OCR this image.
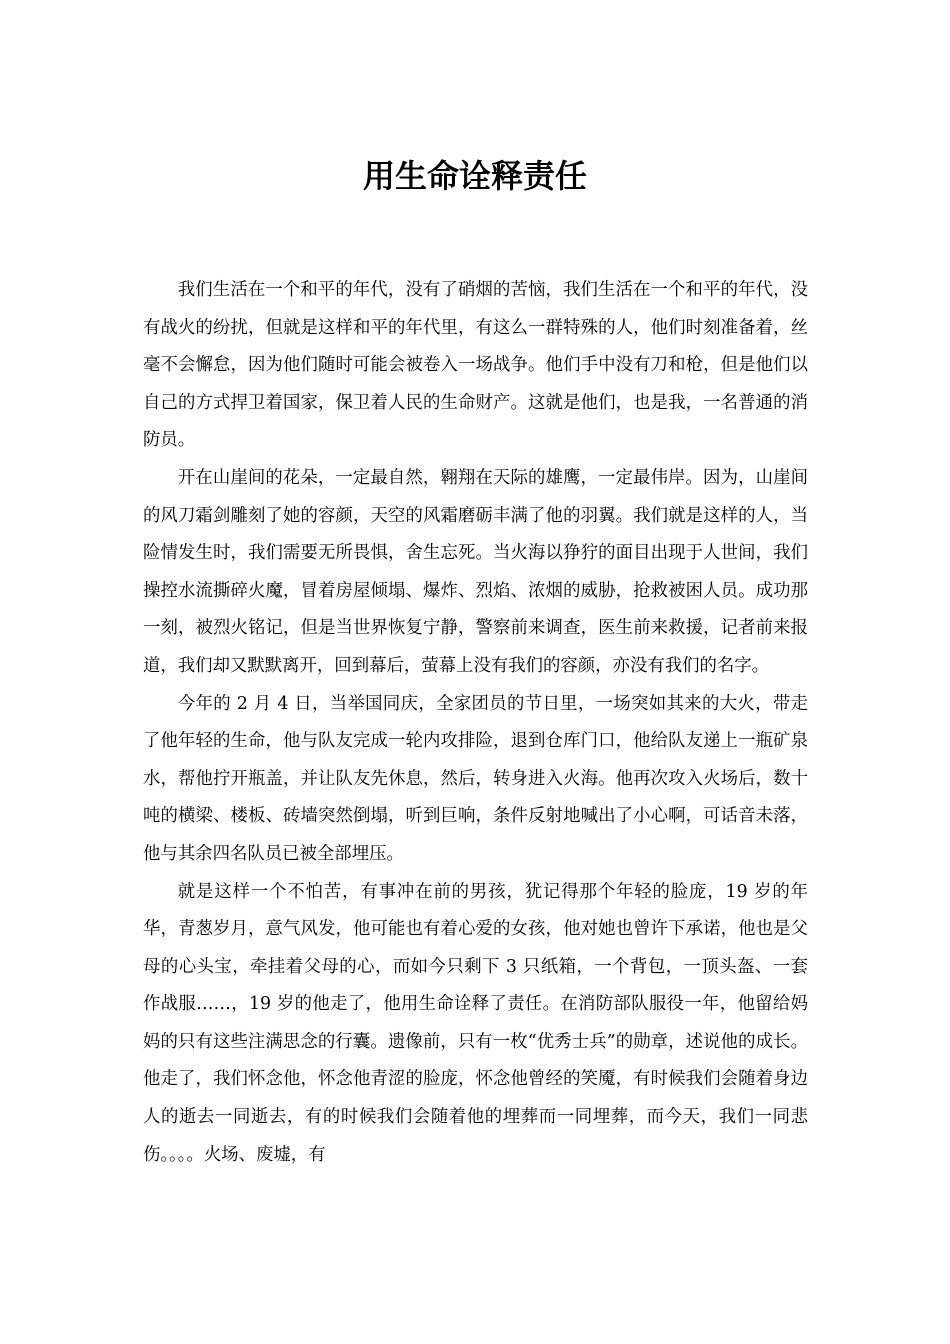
用生命诠释责任

我们生活在一个和平的年代，没有了硝烟的苦恼，我们生活在一个和平的年代，没有战火的纷扰，但就是这样和平的年代里，有这么一群特殊的人，他们时刻准备着，丝毫不会懈怠，因为他们随时可能会被卷入一场战争。他们手中没有刀和枪，但是他们以自己的方式捍卫着国家，保卫着人民的生命财产。这就是他们，也是我，一名普通的消防员。

开在山崖间的花朵，一定最自然，翱翔在天际的雄鹰，一定最伟岸。因为，山崖间的风刀霜剑雕刻了她的容颜，天空的风霜磨砺丰满了他的羽翼。我们就是这样的人，当险情发生时，我们需要无所畏惧，舍生忘死。当火海以狰狞的面目出现于人世间，我们操控水流撕碎火魔，冒着房屋倾塌、爆炸、烈焰、浓烟的威胁，抢救被困人员。成功那一刻，被烈火铭记，但是当世界恢复宁静，警察前来调查，医生前来救援，记者前来报道，我们却又默默离开，回到幕后，萤幕上没有我们的容颜，亦没有我们的名字。

今年的 2 月 4 日，当举国同庆，全家团员的节日里，一场突如其来的大火，带走了他年轻的生命，他与队友完成一轮内攻排险，退到仓库门口，他给队友递上一瓶矿泉水，帮他拧开瓶盖，并让队友先休息，然后，转身进入火海。他再次攻入火场后，数十吨的横梁、楼板、砖墙突然倒塌，听到巨响，条件反射地喊出了小心啊，可话音未落，他与其余四名队员已被全部埋压。

就是这样一个不怕苦，有事冲在前的男孩，犹记得那个年轻的脸庞，19 岁的年华，青葱岁月，意气风发，他可能也有着心爱的女孩，他对她也曾许下承诺，他也是父母的心头宝，牵挂着父母的心，而如今只剩下 3 只纸箱，一个背包，一顶头盔、一套作战服……，19 岁的他走了，他用生命诠释了责任。在消防部队服役一年，他留给妈妈的只有这些注满思念的行囊。遗像前，只有一枚“优秀士兵”的勋章，述说他的成长。他走了，我们怀念他，怀念他青涩的脸庞，怀念他曾经的笑魇，有时候我们会随着身边人的逝去一同逝去，有的时候我们会随着他的埋葬而一同埋葬，而今天，我们一同悲伤。。。。火场、废墟，有
